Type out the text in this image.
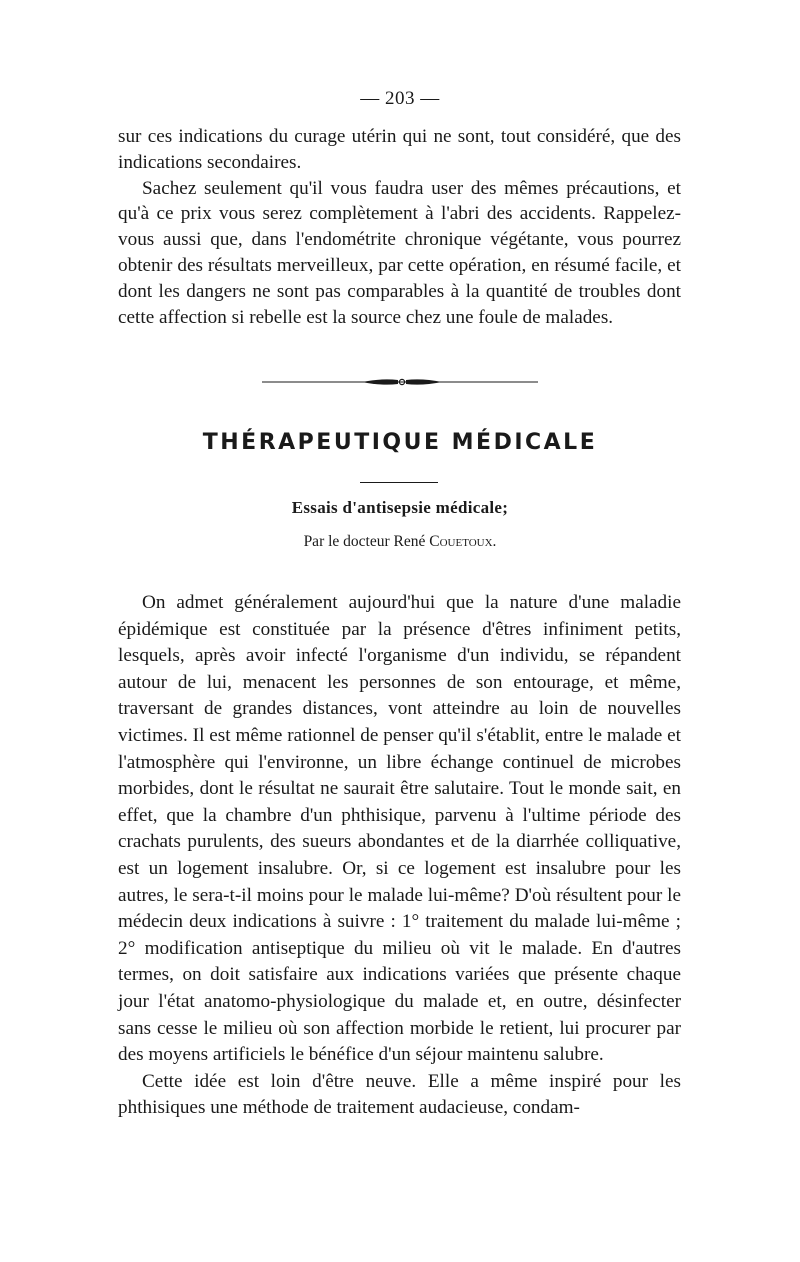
— 203 —

sur ces indications du curage utérin qui ne sont, tout considéré, que des indications secondaires.

Sachez seulement qu'il vous faudra user des mêmes précautions, et qu'à ce prix vous serez complètement à l'abri des accidents. Rappelez-vous aussi que, dans l'endométrite chronique végétante, vous pourrez obtenir des résultats merveilleux, par cette opération, en résumé facile, et dont les dangers ne sont pas comparables à la quantité de troubles dont cette affection si rebelle est la source chez une foule de malades.

THÉRAPEUTIQUE MÉDICALE
Essais d'antisepsie médicale;
Par le docteur René Couetoux.

On admet généralement aujourd'hui que la nature d'une maladie épidémique est constituée par la présence d'êtres infiniment petits, lesquels, après avoir infecté l'organisme d'un individu, se répandent autour de lui, menacent les personnes de son entourage, et même, traversant de grandes distances, vont atteindre au loin de nouvelles victimes. Il est même rationnel de penser qu'il s'établit, entre le malade et l'atmosphère qui l'environne, un libre échange continuel de microbes morbides, dont le résultat ne saurait être salutaire. Tout le monde sait, en effet, que la chambre d'un phthisique, parvenu à l'ultime période des crachats purulents, des sueurs abondantes et de la diarrhée colliquative, est un logement insalubre. Or, si ce logement est insalubre pour les autres, le sera-t-il moins pour le malade lui-même? D'où résultent pour le médecin deux indications à suivre : 1° traitement du malade lui-même ; 2° modification antiseptique du milieu où vit le malade. En d'autres termes, on doit satisfaire aux indications variées que présente chaque jour l'état anatomo-physiologique du malade et, en outre, désinfecter sans cesse le milieu où son affection morbide le retient, lui procurer par des moyens artificiels le bénéfice d'un séjour maintenu salubre.

Cette idée est loin d'être neuve. Elle a même inspiré pour les phthisiques une méthode de traitement audacieuse, condam-
